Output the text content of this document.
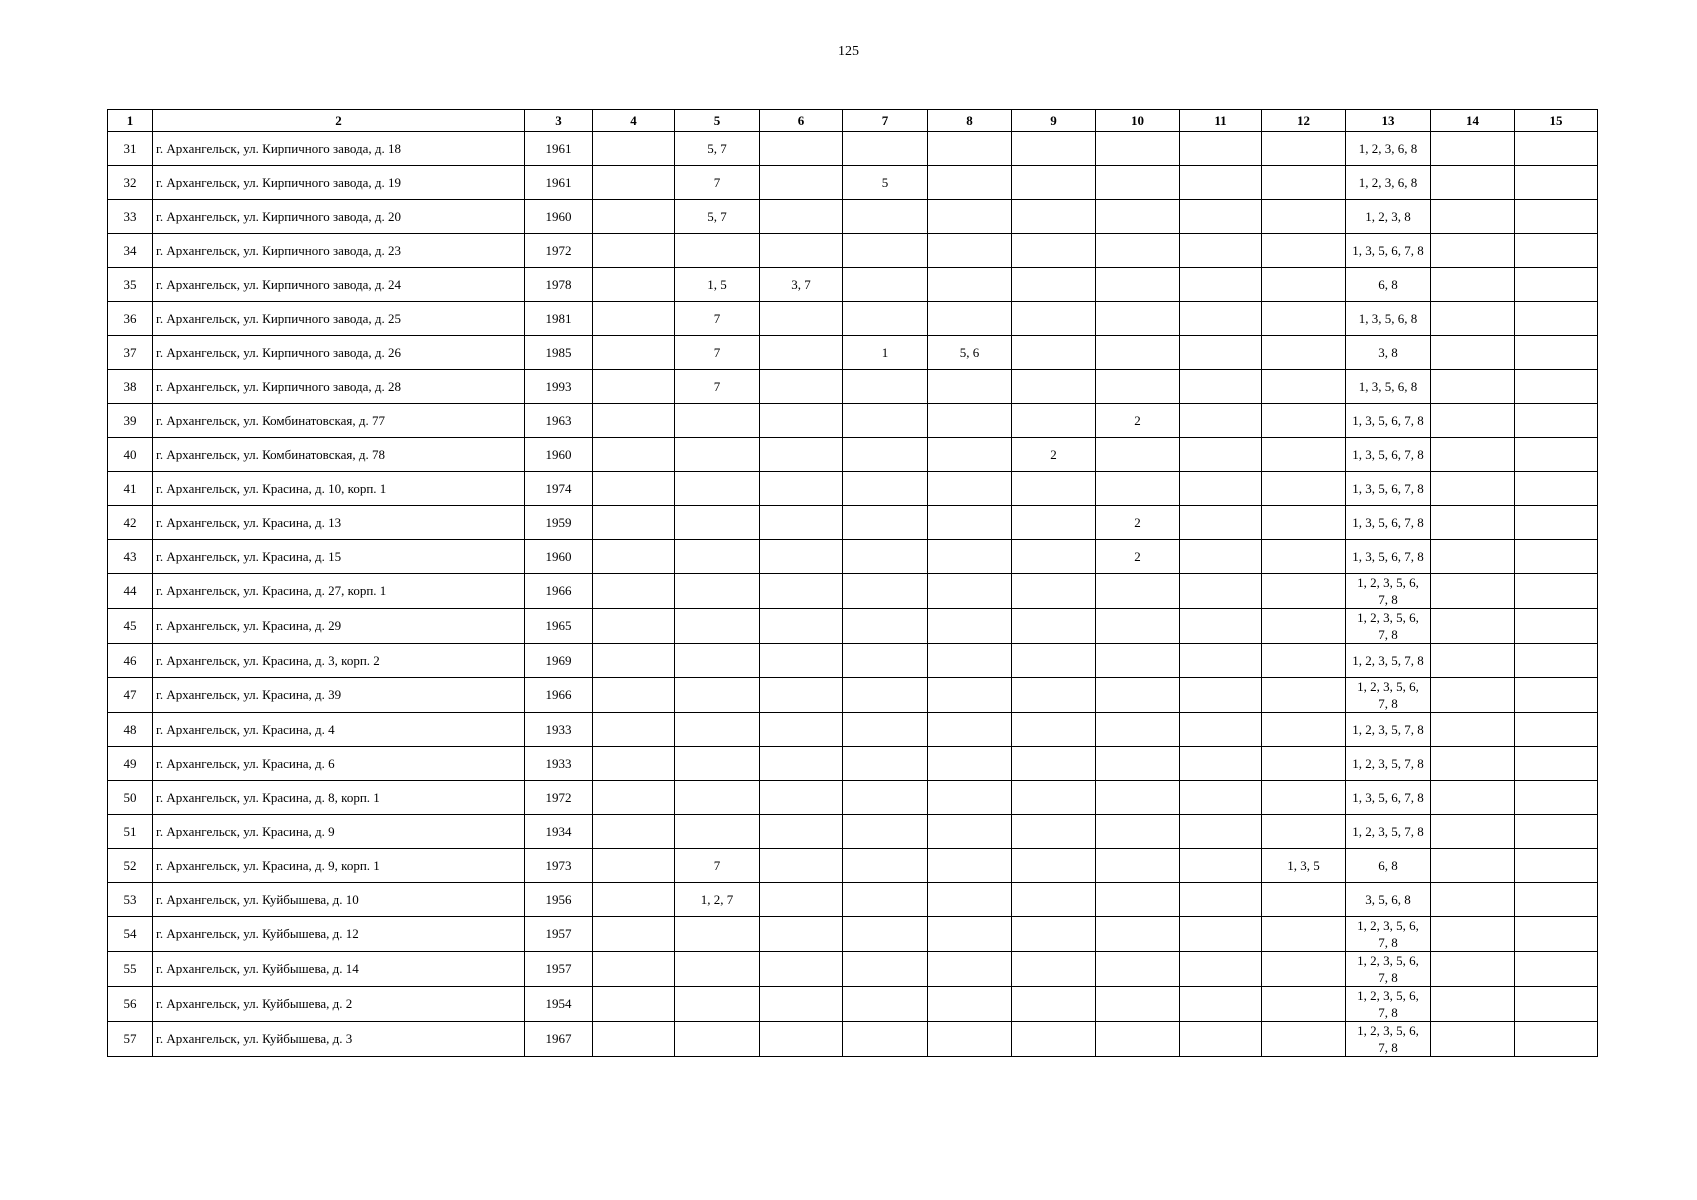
125
1	2	3	4	5	6	7	8	9	10	11	12	13	14	15
31	г. Архангельск, ул. Кирпичного завода, д. 18	1961		5, 7								1, 2, 3, 6, 8		
32	г. Архангельск, ул. Кирпичного завода, д. 19	1961		7		5						1, 2, 3, 6, 8		
33	г. Архангельск, ул. Кирпичного завода, д. 20	1960		5, 7								1, 2, 3, 8		
34	г. Архангельск, ул. Кирпичного завода, д. 23	1972										1, 3, 5, 6, 7, 8		

35	г. Архангельск, ул. Кирпичного завода, д. 24	1978		1, 5	3, 7							6, 8		
36	г. Архангельск, ул. Кирпичного завода, д. 25	1981		7								1, 3, 5, 6, 8		
37	г. Архангельск, ул. Кирпичного завода, д. 26	1985		7		1	5, 6					3, 8		
38	г. Архангельск, ул. Кирпичного завода, д. 28	1993		7								1, 3, 5, 6, 8		
39	г. Архангельск, ул. Комбинатовская, д. 77	1963							2			1, 3, 5, 6, 7, 8		

40	г. Архангельск, ул. Комбинатовская, д. 78	1960						2				1, 3, 5, 6, 7, 8		

41	г. Архангельск, ул. Красина, д. 10, корп. 1	1974										1, 3, 5, 6, 7, 8		

42	г. Архангельск, ул. Красина, д. 13	1959							2			1, 3, 5, 6, 7, 8		

43	г. Архангельск, ул. Красина, д. 15	1960							2			1, 3, 5, 6, 7, 8		

44	г. Архангельск, ул. Красина, д. 27, корп. 1	1966										1, 2, 3, 5, 6, 7, 8		

45	г. Архангельск, ул. Красина, д. 29	1965										1, 2, 3, 5, 6, 7, 8		

46	г. Архангельск, ул. Красина, д. 3, корп. 2	1969										1, 2, 3, 5, 7, 8		

47	г. Архангельск, ул. Красина, д. 39	1966										1, 2, 3, 5, 6, 7, 8		

48	г. Архангельск, ул. Красина, д. 4	1933										1, 2, 3, 5, 7, 8		

49	г. Архангельск, ул. Красина, д. 6	1933										1, 2, 3, 5, 7, 8		

50	г. Архангельск, ул. Красина, д. 8, корп. 1	1972										1, 3, 5, 6, 7, 8		

51	г. Архангельск, ул. Красина, д. 9	1934										1, 2, 3, 5, 7, 8		

52	г. Архангельск, ул. Красина, д. 9, корп. 1	1973		7							1, 3, 5	6, 8		
53	г. Архангельск, ул. Куйбышева, д. 10	1956		1, 2, 7								3, 5, 6, 8		
54	г. Архангельск, ул. Куйбышева, д. 12	1957										1, 2, 3, 5, 6, 7, 8		

55	г. Архангельск, ул. Куйбышева, д. 14	1957										1, 2, 3, 5, 6, 7, 8		

56	г. Архангельск, ул. Куйбышева, д. 2	1954										1, 2, 3, 5, 6, 7, 8		

57	г. Архангельск, ул. Куйбышева, д. 3	1967										1, 2, 3, 5, 6, 7, 8		
